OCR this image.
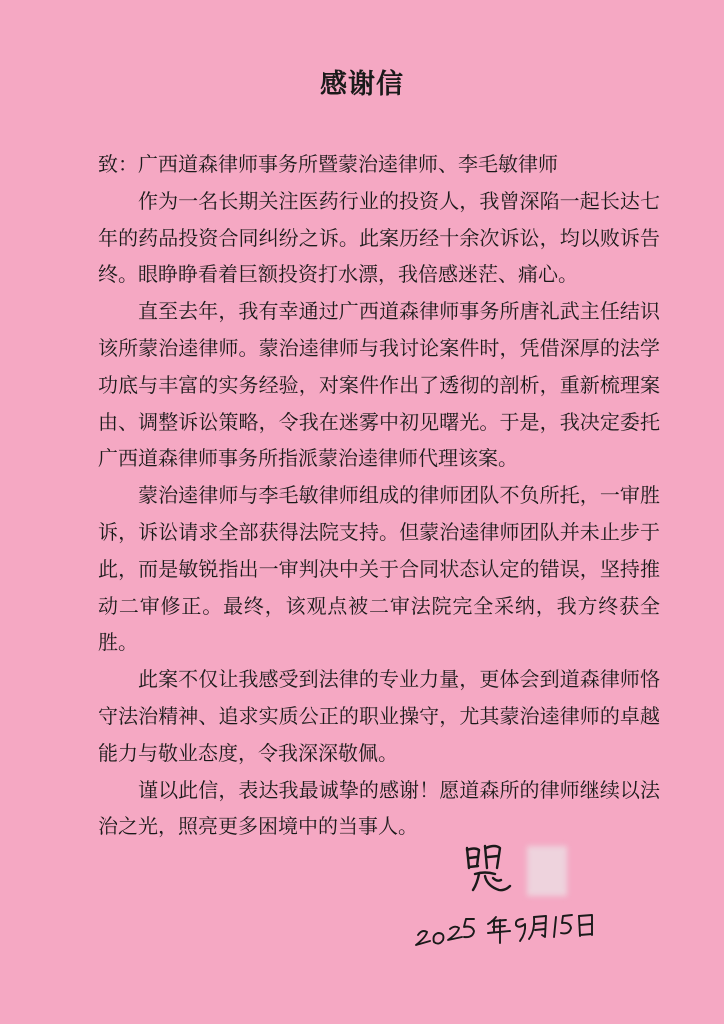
感谢信

致：广西道森律师事务所暨蒙治逵律师、李毛敏律师

作为一名长期关注医药行业的投资人，我曾深陷一起长达七年的药品投资合同纠纷之诉。此案历经十余次诉讼，均以败诉告终。眼睁睁看着巨额投资打水漂，我倍感迷茫、痛心。

直至去年，我有幸通过广西道森律师事务所唐礼武主任结识该所蒙治逵律师。蒙治逵律师与我讨论案件时，凭借深厚的法学功底与丰富的实务经验，对案件作出了透彻的剖析，重新梳理案由、调整诉讼策略，令我在迷雾中初见曙光。于是，我决定委托广西道森律师事务所指派蒙治逵律师代理该案。

蒙治逵律师与李毛敏律师组成的律师团队不负所托，一审胜诉，诉讼请求全部获得法院支持。但蒙治逵律师团队并未止步于此，而是敏锐指出一审判决中关于合同状态认定的错误，坚持推动二审修正。最终，该观点被二审法院完全采纳，我方终获全胜。

此案不仅让我感受到法律的专业力量，更体会到道森律师恪守法治精神、追求实质公正的职业操守，尤其蒙治逵律师的卓越能力与敬业态度，令我深深敬佩。

谨以此信，表达我最诚挚的感谢！愿道森所的律师继续以法治之光，照亮更多困境中的当事人。
